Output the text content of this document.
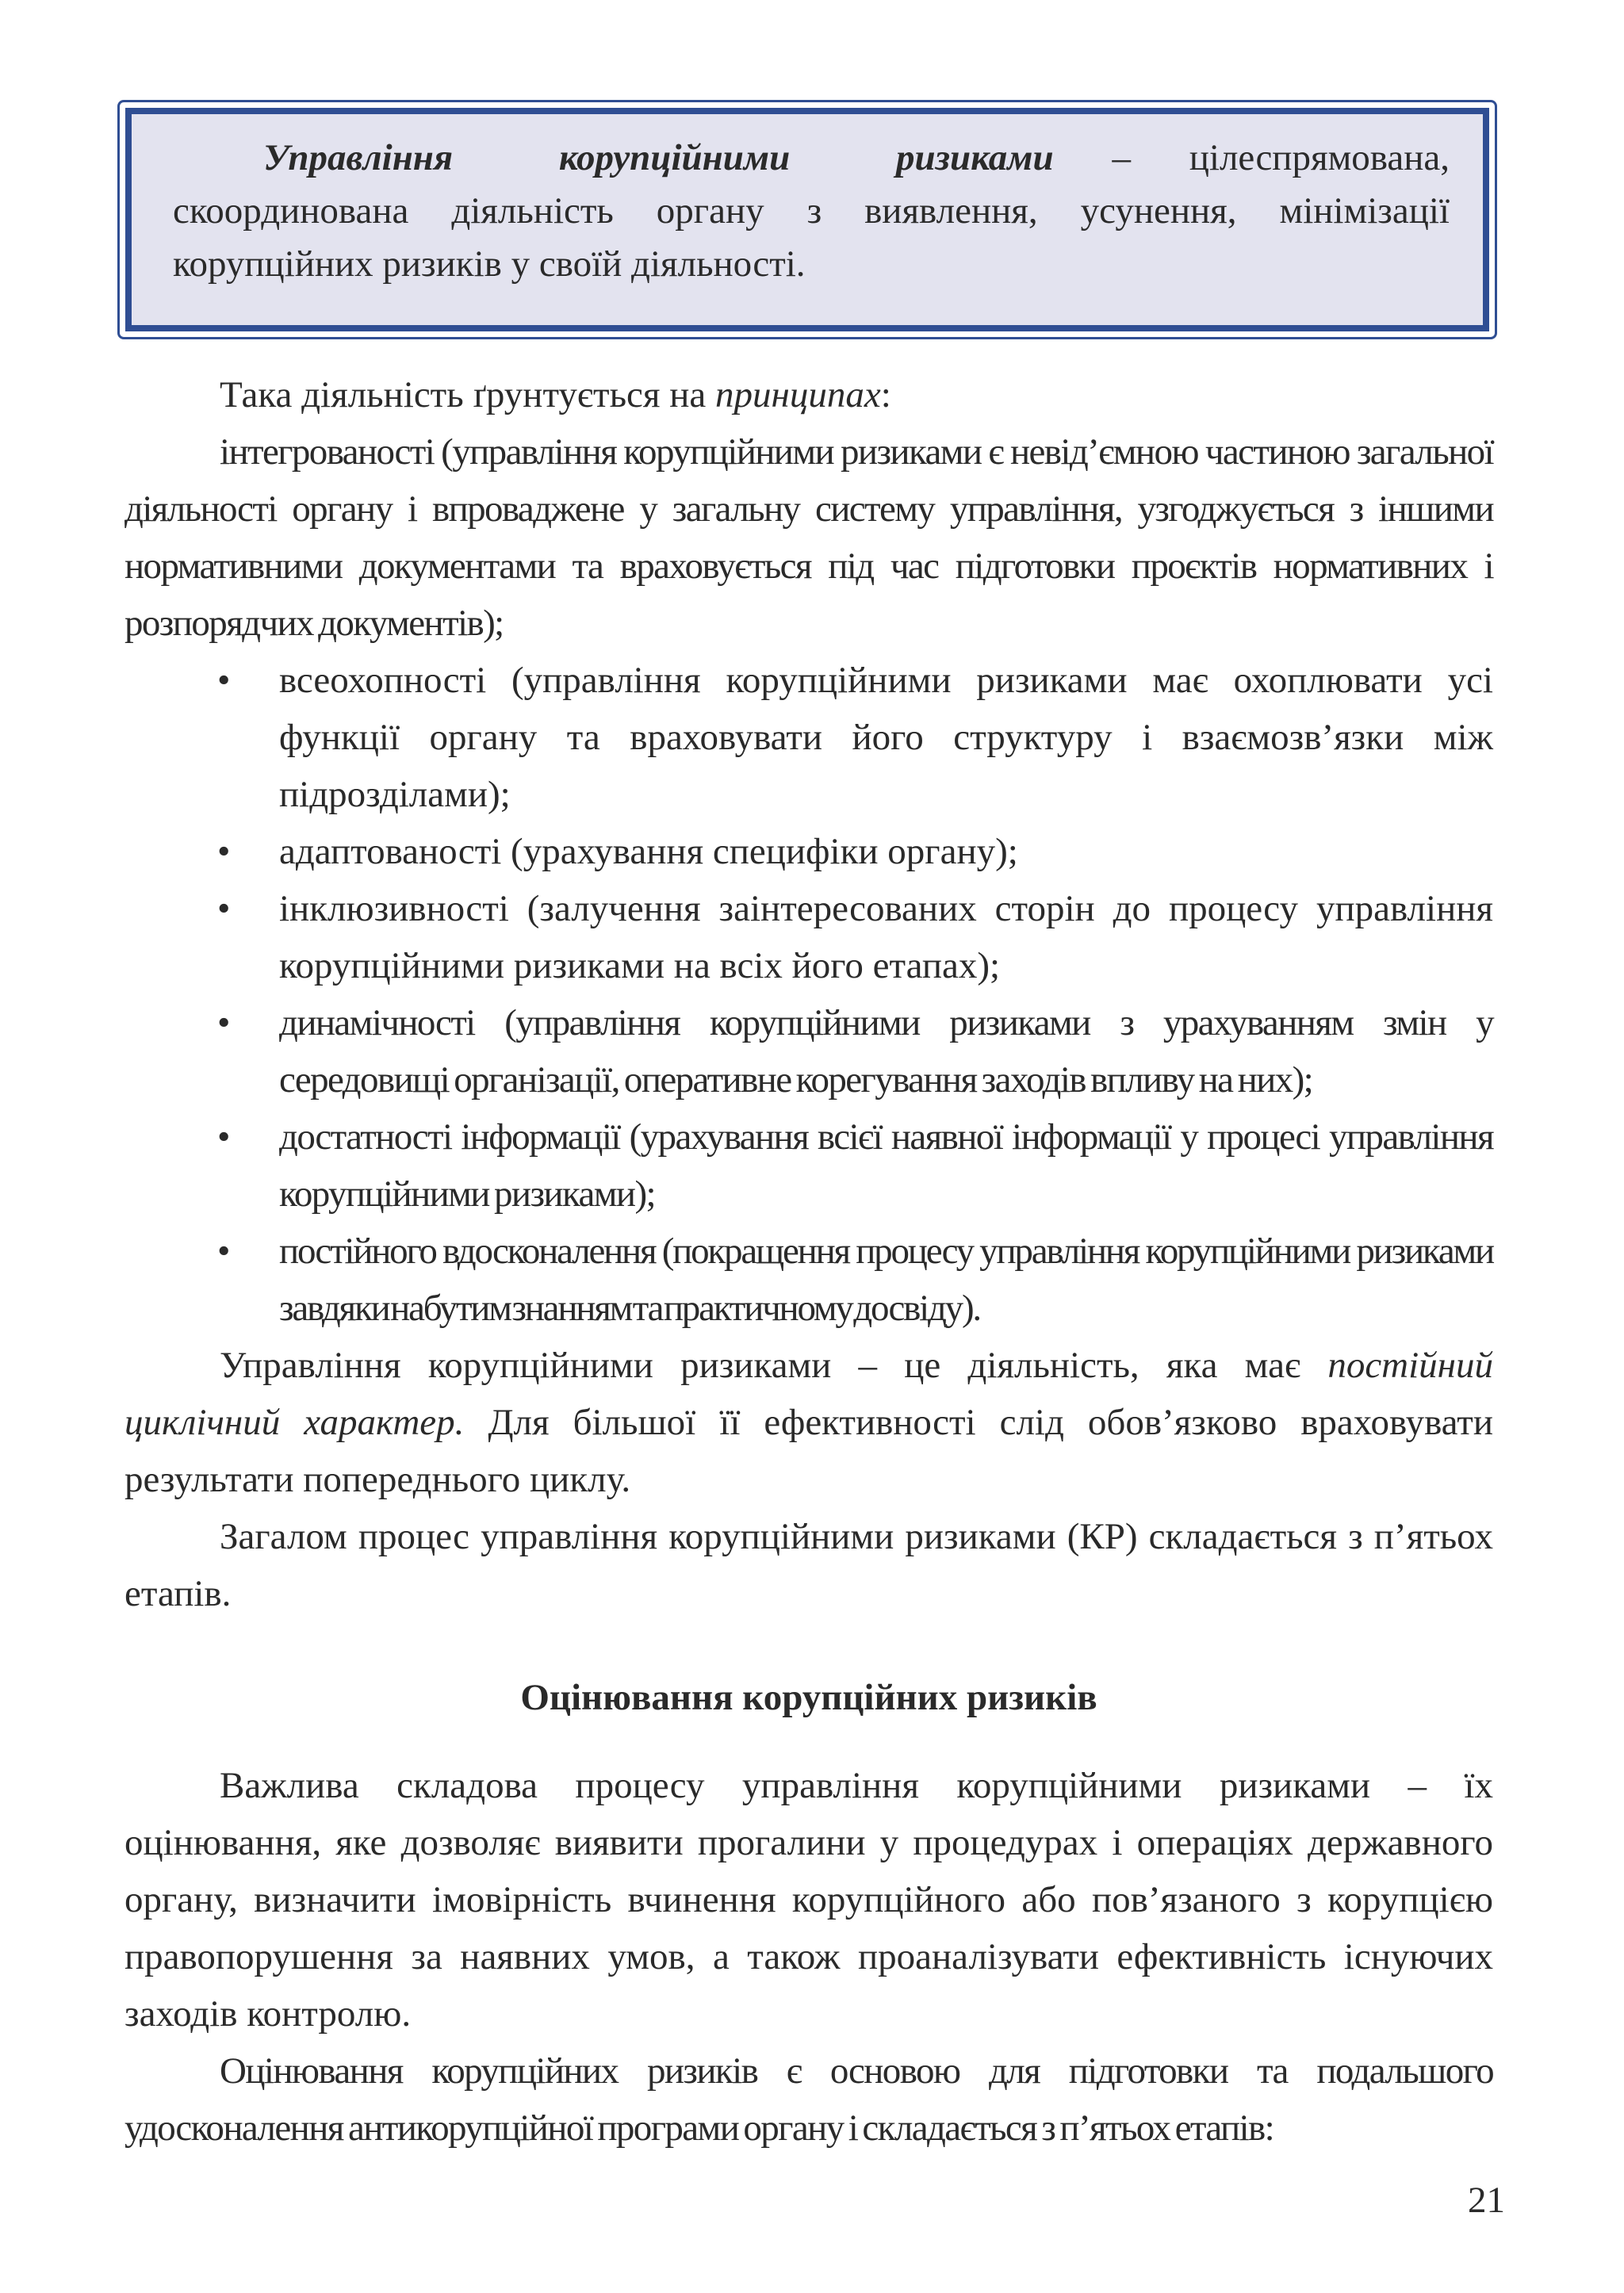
Управління корупційними ризиками – цілеспрямована, скоординована діяльність органу з виявлення, усунення, мінімізації корупційних ризиків у своїй діяльності.

Така діяльність ґрунтується на принципах:

інтегрованості (управління корупційними ризиками є невід’ємною частиною загальної діяльності органу і впроваджене у загальну систему управління, узгоджується з іншими нормативними документами та враховується під час підготовки проєктів нормативних і розпорядчих документів);

• всеохопності (управління корупційними ризиками має охоплювати усі функції органу та враховувати його структуру і взаємозв’язки між підрозділами);
• адаптованості (урахування специфіки органу);
• інклюзивності (залучення заінтересованих сторін до процесу управління корупційними ризиками на всіх його етапах);
• динамічності (управління корупційними ризиками з урахуванням змін у середовищі організації, оперативне корегування заходів впливу на них);
• достатності інформації (урахування всієї наявної інформації у процесі управління корупційними ризиками);
• постійного вдосконалення (покращення процесу управління корупційними ризиками завдяки набутим знанням та практичному досвіду).

Управління корупційними ризиками – це діяльність, яка має постійний циклічний характер. Для більшої її ефективності слід обов’язково враховувати результати попереднього циклу.

Загалом процес управління корупційними ризиками (КР) складається з п’ятьох етапів.

Оцінювання корупційних ризиків

Важлива складова процесу управління корупційними ризиками – їх оцінювання, яке дозволяє виявити прогалини у процедурах і операціях державного органу, визначити імовірність вчинення корупційного або пов’язаного з корупцією правопорушення за наявних умов, а також проаналізувати ефективність існуючих заходів контролю.

Оцінювання корупційних ризиків є основою для підготовки та подальшого удосконалення антикорупційної програми органу і складається з п’ятьох етапів:

21
